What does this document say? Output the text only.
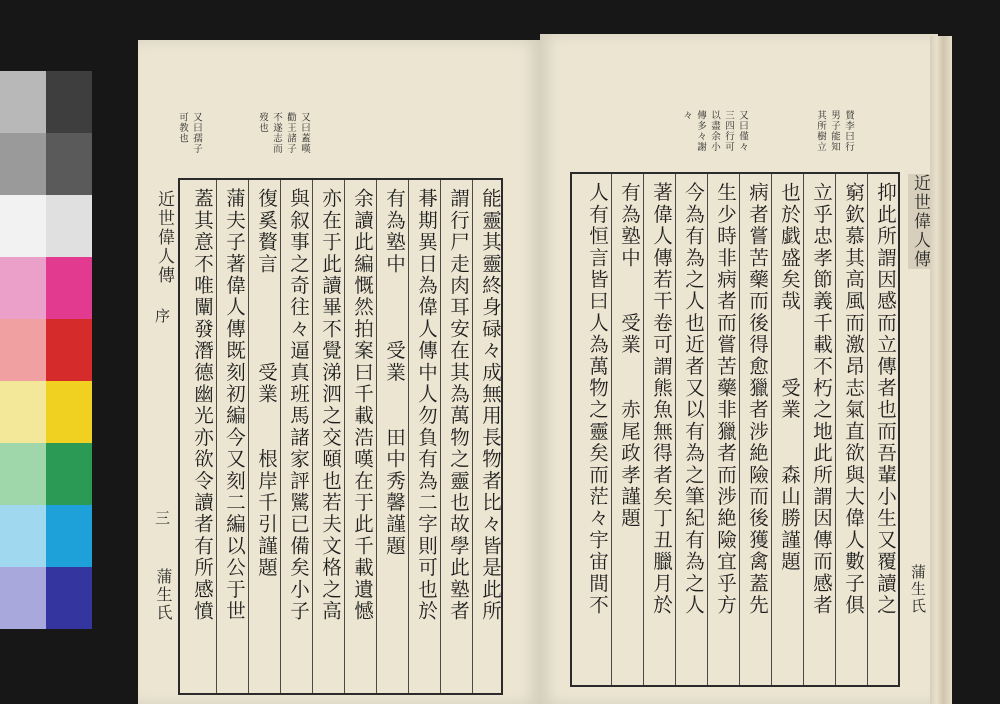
又曰蓋嘆
勸王諸子
不遂志而
歿也
又曰孺子
可教也
能靈其靈終身碌々成無用長物者比々皆是此所
謂行尸走肉耳安在其為萬物之靈也故學此塾者
朞期異日為偉人傳中人勿負有為二字則可也於
有為塾中　　　受業　　田中秀馨謹題
余讀此編慨然拍案曰千載浩嘆在于此千載遺憾
亦在于此讀畢不覺涕泗之交頤也若夫文格之高
與叙事之奇往々逼真班馬諸家評騭已備矣小子
復奚贅言　　　　受業　　根岸千引謹題
蒲夫子著偉人傳既刻初編今又刻二編以公于世
蓋其意不唯闡發潛德幽光亦欲令讀者有所感憤
近世偉人傳
序
三
蒲生氏
賛李曰行
男子能知
其所樹立
又曰僅々
三四行可
以盡余小
傳多々謝
々
抑此所謂因感而立傳者也而吾輩小生又覆讀之
窮欽慕其高風而激昂志氣直欲與大偉人數子俱
立乎忠孝節義千載不朽之地此所謂因傳而感者
也於戯盛矣哉　　　受業　　森山勝謹題
病者嘗苦藥而後得愈獵者涉絶險而後獲禽蓋先
生少時非病者而嘗苦藥非獵者而涉絶險宜乎方
今為有為之人也近者又以有為之筆紀有為之人
著偉人傳若干卷可謂熊魚無得者矣丁丑臘月於
有為塾中　　受業　　赤尾政孝謹題
人有恒言皆曰人為萬物之靈矣而茫々宇宙間不	近世偉人傳
蒲生氏
